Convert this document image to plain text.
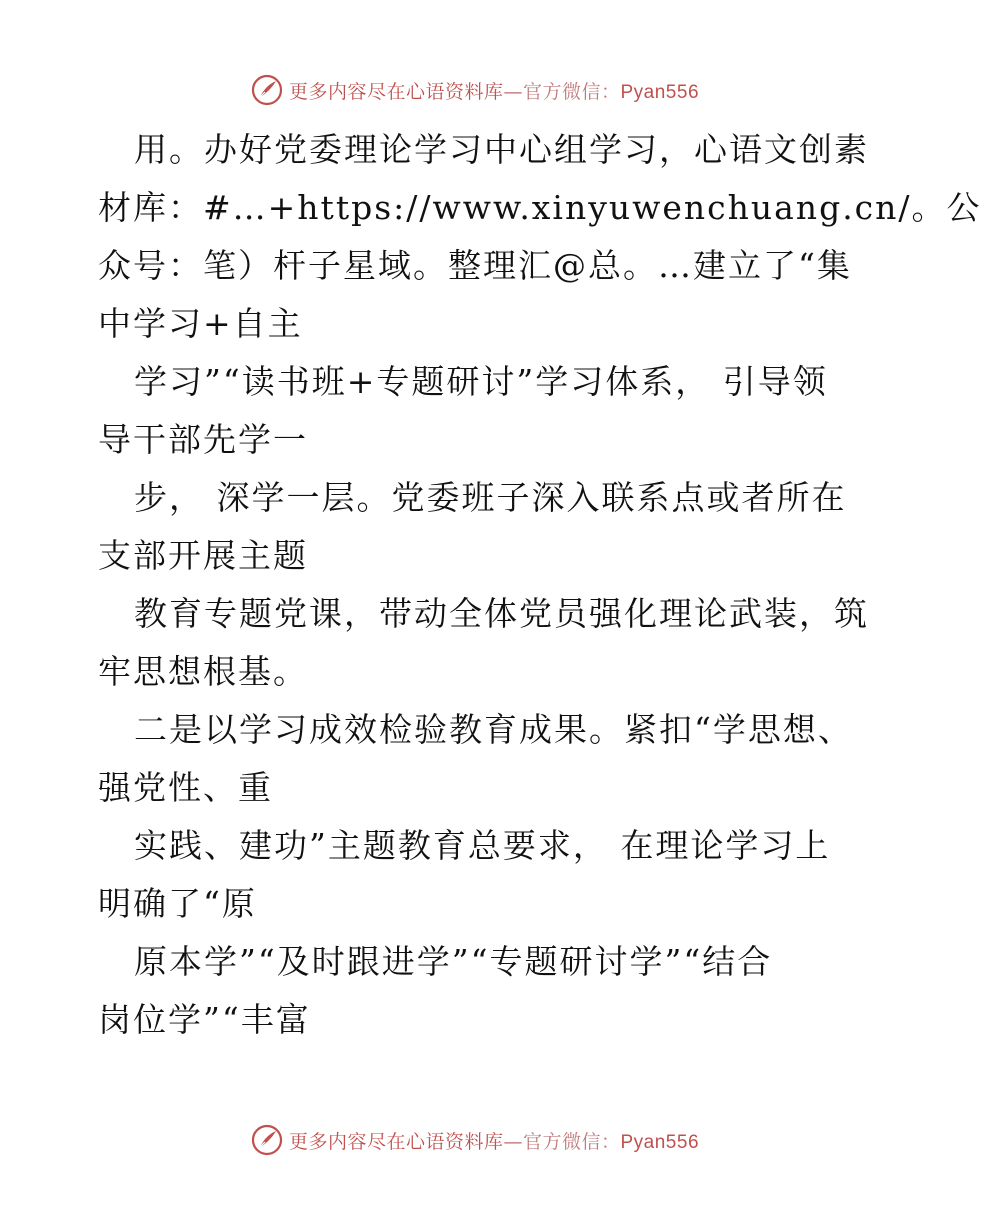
更多内容尽在心语资料库—官方微信：Pyan556
用。办好党委理论学习中心组学习，心语文创素
材库：#…+https://www.xinyuwenchuang.cn/。公
众号：笔）杆子星域。整理汇@总。…建立了“集
中学习+自主
学习”“读书班+专题研讨”学习体系， 引导领
导干部先学一
步， 深学一层。党委班子深入联系点或者所在
支部开展主题
教育专题党课，带动全体党员强化理论武装，筑
牢思想根基。
二是以学习成效检验教育成果。紧扣“学思想、
强党性、重
实践、建功”主题教育总要求， 在理论学习上
明确了“原
原本学”“及时跟进学”“专题研讨学”“结合
岗位学”“丰富
更多内容尽在心语资料库—官方微信：Pyan556
